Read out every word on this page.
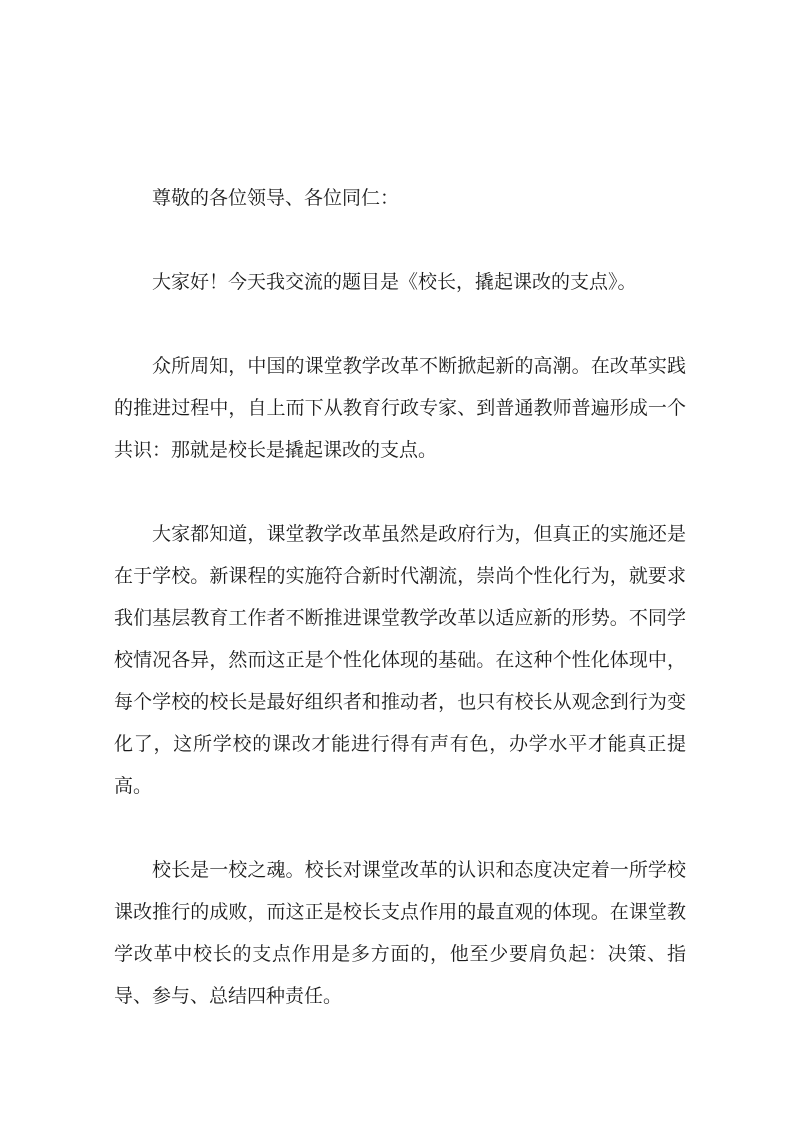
尊敬的各位领导、各位同仁：

大家好！今天我交流的题目是《校长，撬起课改的支点》。

众所周知，中国的课堂教学改革不断掀起新的高潮。在改革实践的推进过程中，自上而下从教育行政专家、到普通教师普遍形成一个共识：那就是校长是撬起课改的支点。

大家都知道，课堂教学改革虽然是政府行为，但真正的实施还是在于学校。新课程的实施符合新时代潮流，崇尚个性化行为，就要求我们基层教育工作者不断推进课堂教学改革以适应新的形势。不同学校情况各异，然而这正是个性化体现的基础。在这种个性化体现中，每个学校的校长是最好组织者和推动者，也只有校长从观念到行为变化了，这所学校的课改才能进行得有声有色，办学水平才能真正提高。

校长是一校之魂。校长对课堂改革的认识和态度决定着一所学校课改推行的成败，而这正是校长支点作用的最直观的体现。在课堂教学改革中校长的支点作用是多方面的，他至少要肩负起：决策、指导、参与、总结四种责任。
